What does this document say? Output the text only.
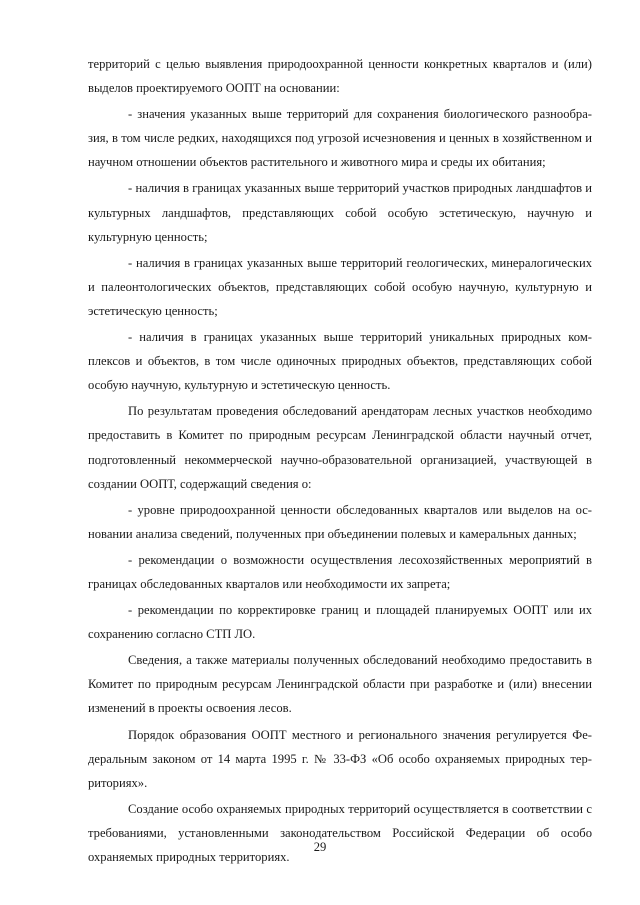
территорий с целью выявления природоохранной ценности конкретных кварталов и (или) выделов проектируемого ООПТ на основании:

- значения указанных выше территорий для сохранения биологического разнообразия, в том числе редких, находящихся под угрозой исчезновения и ценных в хозяйственном и научном отношении объектов растительного и животного мира и среды их обитания;

- наличия в границах указанных выше территорий участков природных ландшафтов и культурных ландшафтов, представляющих собой особую эстетическую, научную и культурную ценность;

- наличия в границах указанных выше территорий геологических, минералогических и палеонтологических объектов, представляющих собой особую научную, культурную и эстетическую ценность;

- наличия в границах указанных выше территорий уникальных природных комплексов и объектов, в том числе одиночных природных объектов, представляющих собой особую научную, культурную и эстетическую ценность.

По результатам проведения обследований арендаторам лесных участков необходимо предоставить в Комитет по природным ресурсам Ленинградской области научный отчет, подготовленный некоммерческой научно-образовательной организацией, участвующей в создании ООПТ, содержащий сведения о:

- уровне природоохранной ценности обследованных кварталов или выделов на основании анализа сведений, полученных при объединении полевых и камеральных данных;

- рекомендации о возможности осуществления лесохозяйственных мероприятий в границах обследованных кварталов или необходимости их запрета;

- рекомендации по корректировке границ и площадей планируемых ООПТ или их сохранению согласно СТП ЛО.

Сведения, а также материалы полученных обследований необходимо предоставить в Комитет по природным ресурсам Ленинградской области при разработке и (или) внесении изменений в проекты освоения лесов.

Порядок образования ООПТ местного и регионального значения регулируется Федеральным законом от 14 марта 1995 г. № 33-ФЗ «Об особо охраняемых природных территориях».

Создание особо охраняемых природных территорий осуществляется в соответствии с требованиями, установленными законодательством Российской Федерации об особо охраняемых природных территориях.

29
